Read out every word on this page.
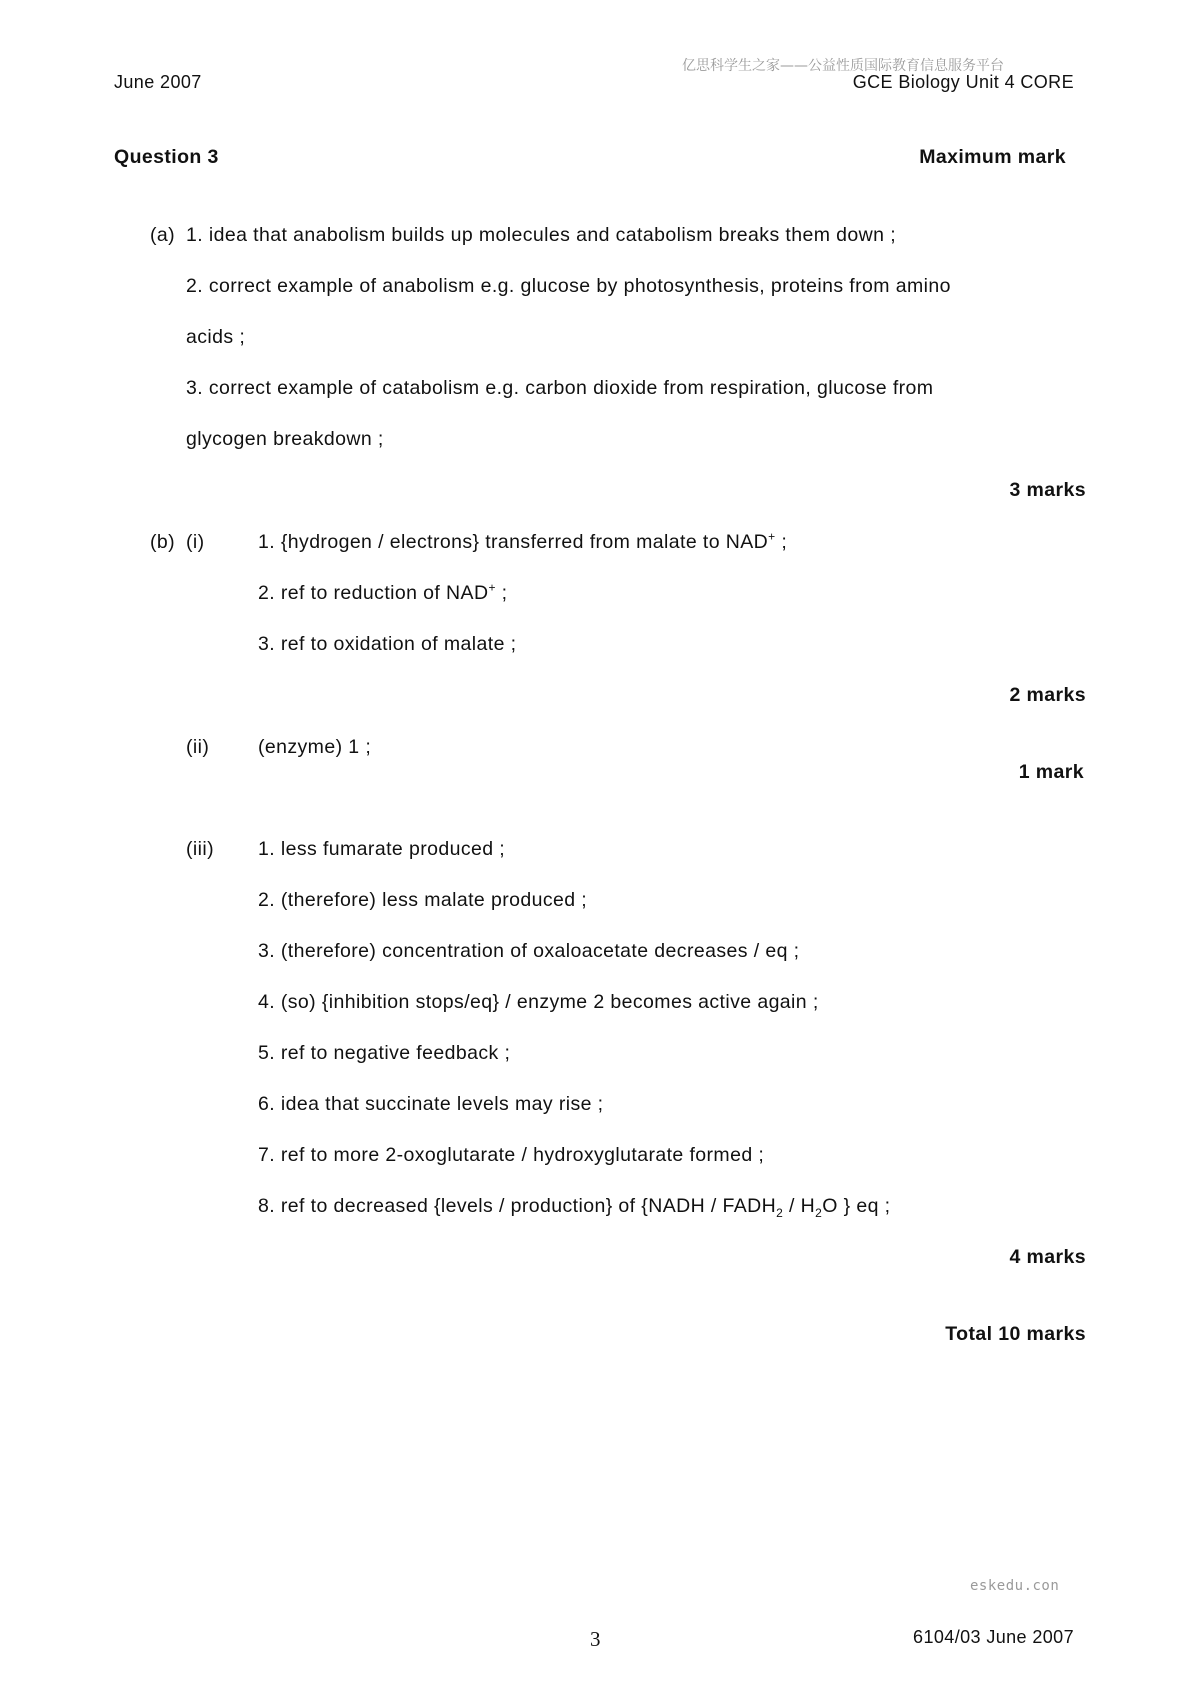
亿思科学生之家——公益性质国际教育信息服务平台
June 2007	GCE Biology Unit 4 CORE
Question 3	Maximum mark
(a) 1. idea that anabolism builds up molecules and catabolism breaks them down ;
2. correct example of anabolism e.g. glucose by photosynthesis, proteins from amino
acids ;
3. correct example of catabolism e.g. carbon dioxide from respiration, glucose from
glycogen breakdown ;
3 marks
(b) (i)	1. {hydrogen / electrons} transferred from malate to NAD+ ;
2. ref to reduction of NAD+ ;
3. ref to oxidation of malate ;
2 marks
(ii) (enzyme) 1 ;
1 mark
(iii) 1. less fumarate produced ;
2. (therefore) less malate produced ;
3. (therefore) concentration of oxaloacetate decreases / eq ;
4. (so) {inhibition stops/eq} / enzyme 2 becomes active again ;
5. ref to negative feedback ;
6. idea that succinate levels may rise ;
7. ref to more 2-oxoglutarate / hydroxyglutarate formed ;
8. ref to decreased {levels / production} of {NADH / $FADH_2 / H_2O$ } eq ;
4 marks
Total 10 marks
eskedu.con
3	6104/03 June 2007
